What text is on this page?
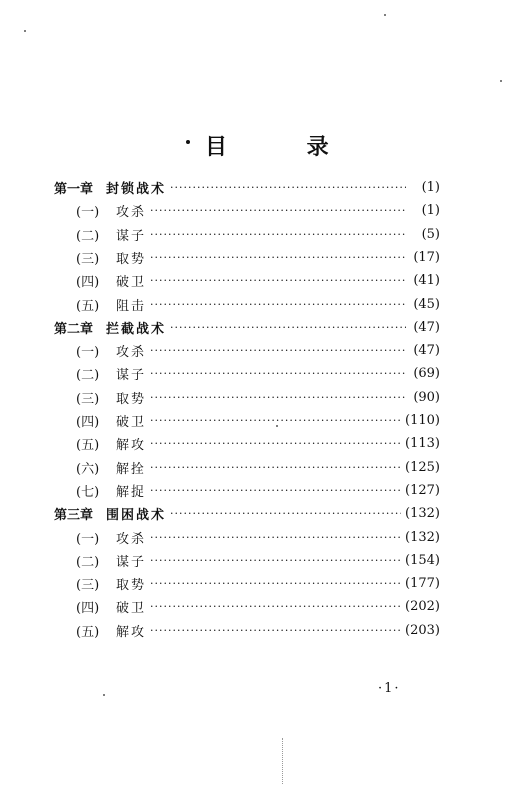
目 录
第一章 封锁战术 ·····	(1)
(一)	攻杀 ·····	(1)
(二)	谋子 ·····	(5)
(三)	取势 ·····	(17)
(四)	破卫 ·····	(41)
(五)	阻击 ·····	(45)
第二章 拦截战术 ·····	(47)
(一)	攻杀 ·····	(47)
(二)	谋子 ·····	(69)
(三)	取势 ·····	(90)
(四)	破卫 ·····	(110)
(五)	解攻 ·····	(113)
(六)	解拴 ·····	(125)
(七)	解捉 ·····	(127)
第三章 围困战术 ·····	(132)
(一)	攻杀 ·····	(132)
(二)	谋子 ·····	(154)
(三)	取势 ·····	(177)
(四)	破卫 ·····	(202)
(五)	解攻 ·····	(203)
·1·
